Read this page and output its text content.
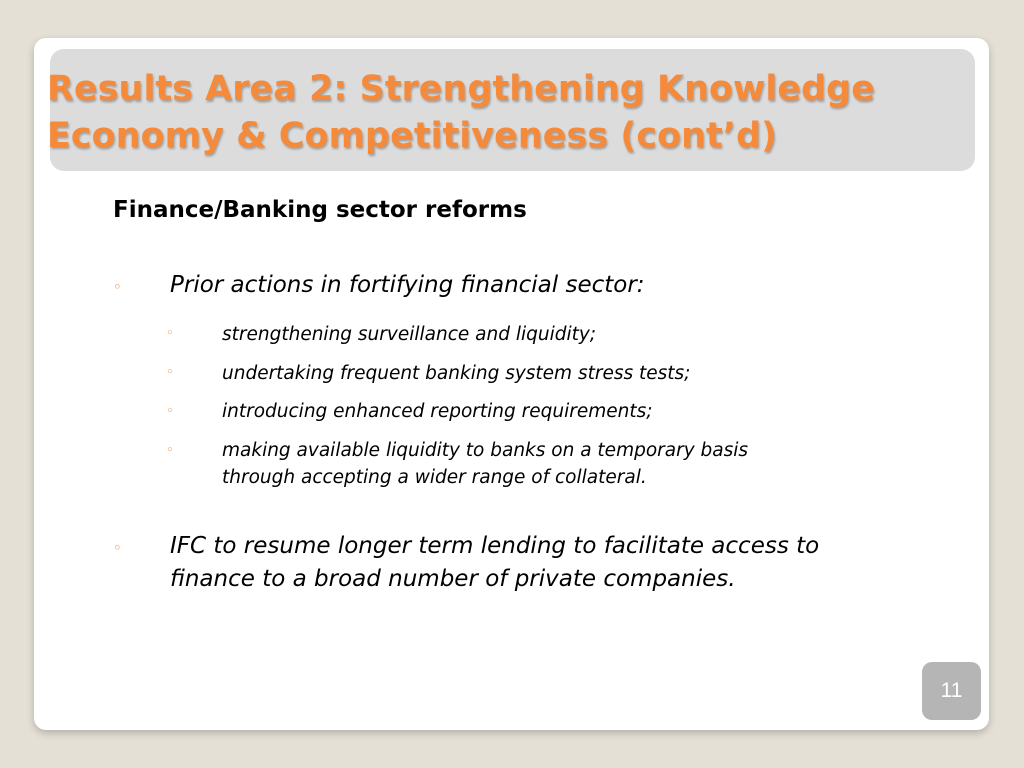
Results Area 2: Strengthening Knowledge
Economy & Competitiveness (cont’d)
Finance/Banking sector reforms
◦ Prior actions in fortifying financial sector:
◦	strengthening surveillance and liquidity;
◦	undertaking frequent banking system stress tests;
◦	introducing enhanced reporting requirements;
◦	making available liquidity to banks on a temporary basis
through accepting a wider range of collateral.
◦ IFC to resume longer term lending to facilitate access to
finance to a broad number of private companies.
11
